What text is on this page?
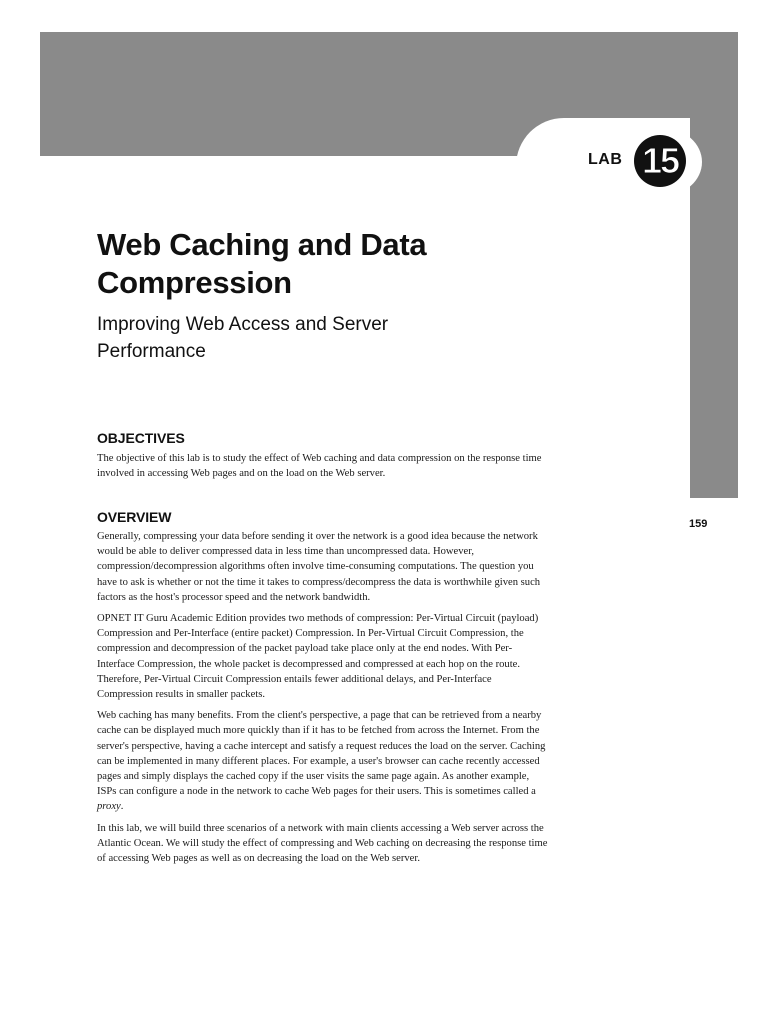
LAB 15
Web Caching and Data Compression
Improving Web Access and Server Performance
159
OBJECTIVES

The objective of this lab is to study the effect of Web caching and data compression on the response time involved in accessing Web pages and on the load on the Web server.

OVERVIEW

Generally, compressing your data before sending it over the network is a good idea because the network would be able to deliver compressed data in less time than uncompressed data. However, compression/decompression algorithms often involve time-consuming computations. The question you have to ask is whether or not the time it takes to compress/decompress the data is worthwhile given such factors as the host's processor speed and the network bandwidth.

OPNET IT Guru Academic Edition provides two methods of compression: Per-Virtual Circuit (payload) Compression and Per-Interface (entire packet) Compression. In Per-Virtual Circuit Compression, the compression and decompression of the packet payload take place only at the end nodes. With Per-Interface Compression, the whole packet is decompressed and compressed at each hop on the route. Therefore, Per-Virtual Circuit Compression entails fewer additional delays, and Per-Interface Compression results in smaller packets.

Web caching has many benefits. From the client's perspective, a page that can be retrieved from a nearby cache can be displayed much more quickly than if it has to be fetched from across the Internet. From the server's perspective, having a cache intercept and satisfy a request reduces the load on the server. Caching can be implemented in many different places. For example, a user's browser can cache recently accessed pages and simply displays the cached copy if the user visits the same page again. As another example, ISPs can configure a node in the network to cache Web pages for their users. This is sometimes called a
proxy.

In this lab, we will build three scenarios of a network with main clients accessing a Web server across the Atlantic Ocean. We will study the effect of compressing and Web caching on decreasing the response time of accessing Web pages as well as on decreasing the load on the Web server.
